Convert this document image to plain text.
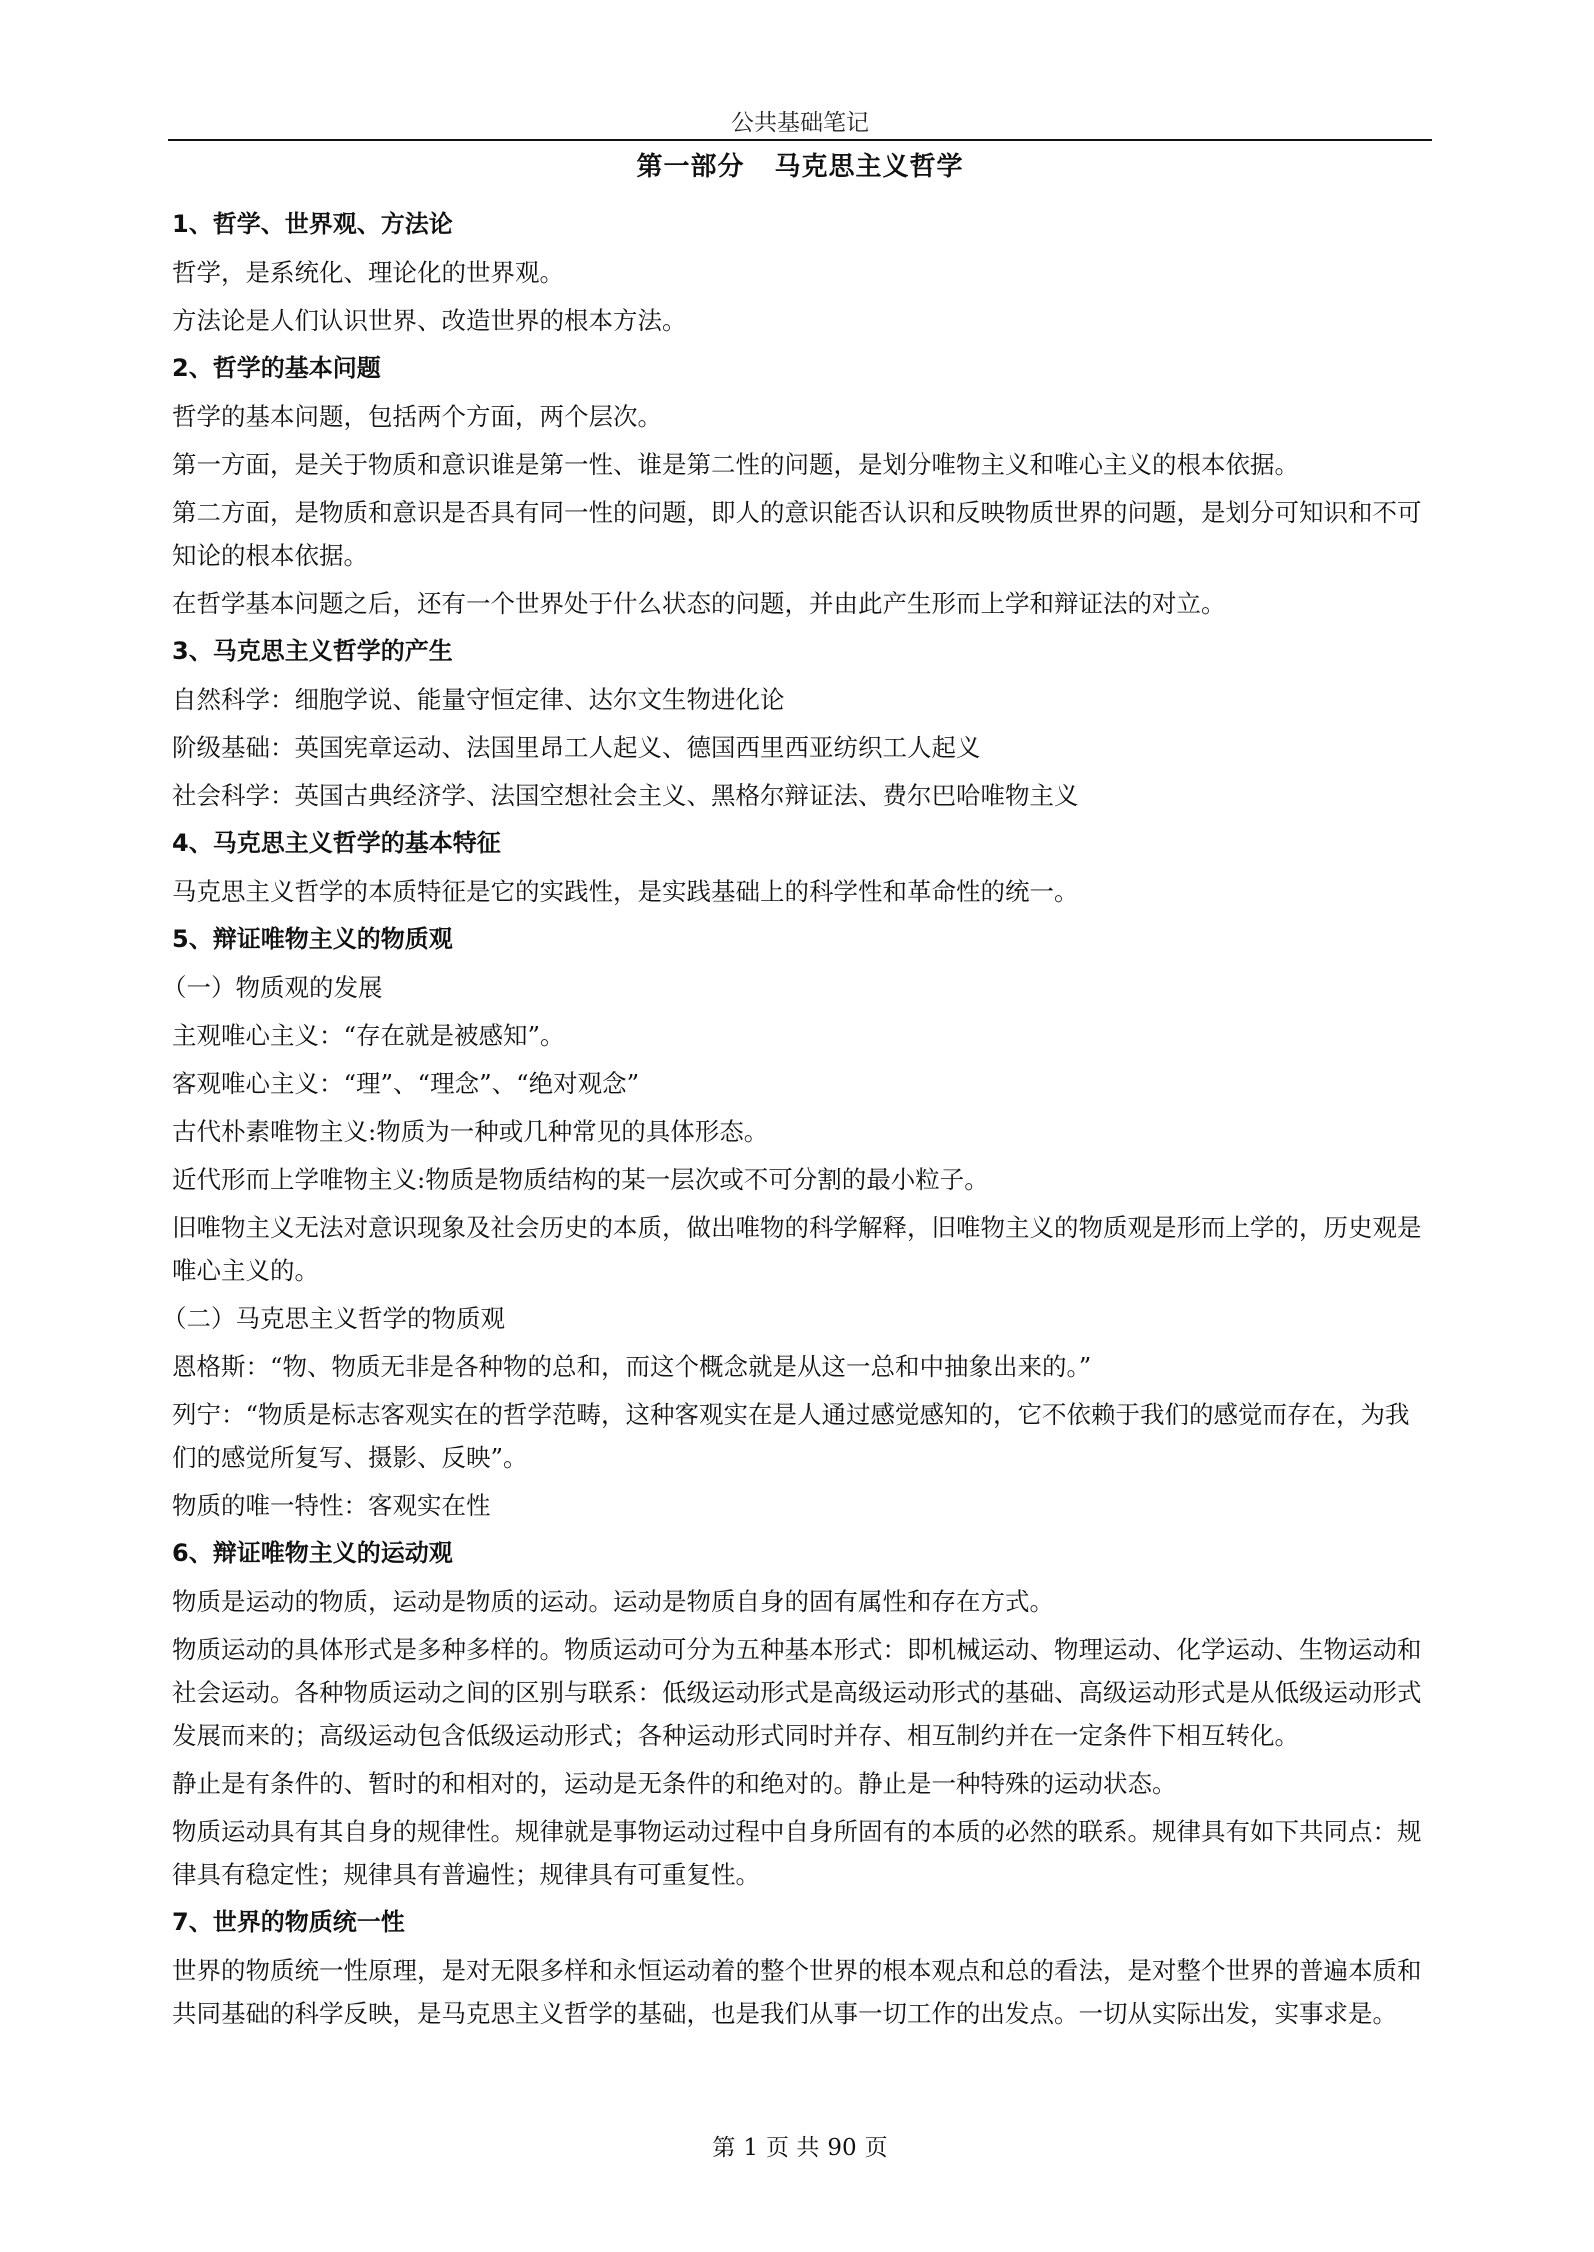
公共基础笔记
第一部分 马克思主义哲学

1、哲学、世界观、方法论

哲学，是系统化、理论化的世界观。

方法论是人们认识世界、改造世界的根本方法。

2、哲学的基本问题

哲学的基本问题，包括两个方面，两个层次。

第一方面，是关于物质和意识谁是第一性、谁是第二性的问题，是划分唯物主义和唯心主义的根本依据。

第二方面，是物质和意识是否具有同一性的问题，即人的意识能否认识和反映物质世界的问题，是划分可知识和不可知论的根本依据。

在哲学基本问题之后，还有一个世界处于什么状态的问题，并由此产生形而上学和辩证法的对立。

3、马克思主义哲学的产生

自然科学：细胞学说、能量守恒定律、达尔文生物进化论

阶级基础：英国宪章运动、法国里昂工人起义、德国西里西亚纺织工人起义

社会科学：英国古典经济学、法国空想社会主义、黑格尔辩证法、费尔巴哈唯物主义

4、马克思主义哲学的基本特征

马克思主义哲学的本质特征是它的实践性，是实践基础上的科学性和革命性的统一。

5、辩证唯物主义的物质观

（一）物质观的发展

主观唯心主义：“存在就是被感知”。

客观唯心主义：“理”、“理念”、“绝对观念”

古代朴素唯物主义:物质为一种或几种常见的具体形态。

近代形而上学唯物主义:物质是物质结构的某一层次或不可分割的最小粒子。

旧唯物主义无法对意识现象及社会历史的本质，做出唯物的科学解释，旧唯物主义的物质观是形而上学的，历史观是唯心主义的。

（二）马克思主义哲学的物质观

恩格斯：“物、物质无非是各种物的总和，而这个概念就是从这一总和中抽象出来的。”

列宁：“物质是标志客观实在的哲学范畴，这种客观实在是人通过感觉感知的，它不依赖于我们的感觉而存在，为我们的感觉所复写、摄影、反映”。

物质的唯一特性：客观实在性

6、辩证唯物主义的运动观

物质是运动的物质，运动是物质的运动。运动是物质自身的固有属性和存在方式。

物质运动的具体形式是多种多样的。物质运动可分为五种基本形式：即机械运动、物理运动、化学运动、生物运动和社会运动。各种物质运动之间的区别与联系：低级运动形式是高级运动形式的基础、高级运动形式是从低级运动形式发展而来的；高级运动包含低级运动形式；各种运动形式同时并存、相互制约并在一定条件下相互转化。

静止是有条件的、暂时的和相对的，运动是无条件的和绝对的。静止是一种特殊的运动状态。

物质运动具有其自身的规律性。规律就是事物运动过程中自身所固有的本质的必然的联系。规律具有如下共同点：规律具有稳定性；规律具有普遍性；规律具有可重复性。

7、世界的物质统一性

世界的物质统一性原理，是对无限多样和永恒运动着的整个世界的根本观点和总的看法，是对整个世界的普遍本质和共同基础的科学反映，是马克思主义哲学的基础，也是我们从事一切工作的出发点。一切从实际出发，实事求是。

第 1 页 共 90 页
